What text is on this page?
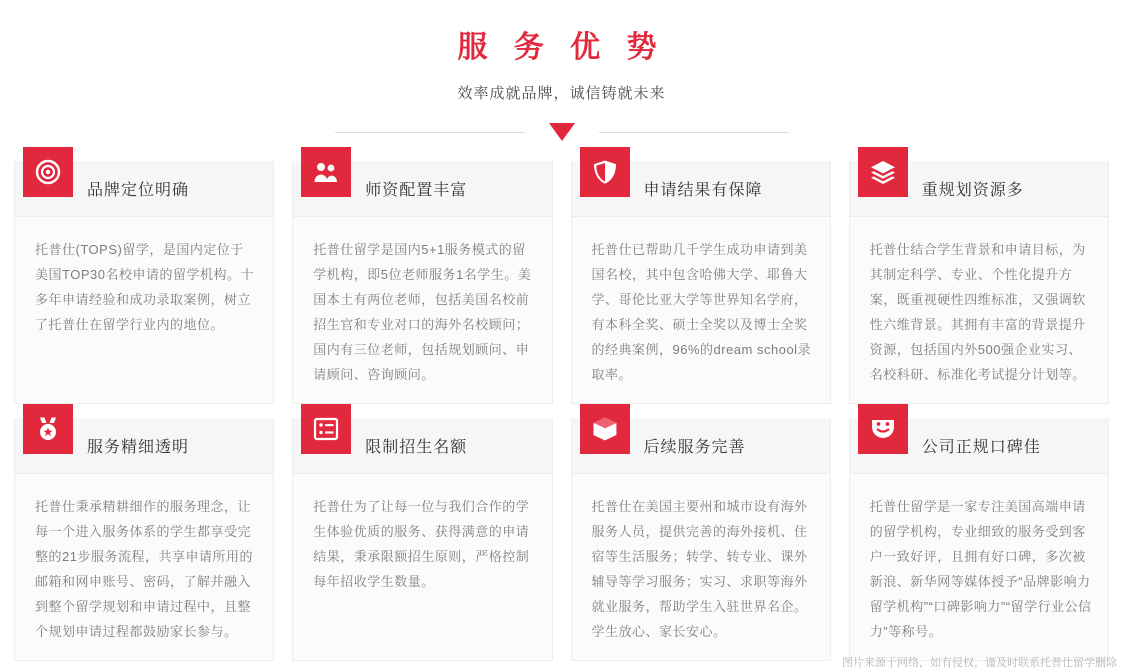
服 务 优 势
效率成就品牌，诚信铸就未来
品牌定位明确
托普仕(TOPS)留学，是国内定位于美国TOP30名校申请的留学机构。十多年申请经验和成功录取案例，树立了托普仕在留学行业内的地位。
师资配置丰富
托普仕留学是国内5+1服务模式的留学机构，即5位老师服务1名学生。美国本土有两位老师，包括美国名校前招生官和专业对口的海外名校顾问；国内有三位老师，包括规划顾问、申请顾问、咨询顾问。
申请结果有保障
托普仕已帮助几千学生成功申请到美国名校，其中包含哈佛大学、耶鲁大学、哥伦比亚大学等世界知名学府，有本科全奖、硕士全奖以及博士全奖的经典案例，96%的dream school录取率。
重规划资源多
托普仕结合学生背景和申请目标，为其制定科学、专业、个性化提升方案，既重视硬性四维标准，又强调软性六维背景。其拥有丰富的背景提升资源，包括国内外500强企业实习、名校科研、标准化考试提分计划等。
服务精细透明
托普仕秉承精耕细作的服务理念，让每一个进入服务体系的学生都享受完整的21步服务流程，共享申请所用的邮箱和网申账号、密码，了解并融入到整个留学规划和申请过程中，且整个规划申请过程都鼓励家长参与。
限制招生名额
托普仕为了让每一位与我们合作的学生体验优质的服务、获得满意的申请结果，秉承限额招生原则，严格控制每年招收学生数量。
后续服务完善
托普仕在美国主要州和城市设有海外服务人员，提供完善的海外接机、住宿等生活服务；转学、转专业、课外辅导等学习服务；实习、求职等海外就业服务，帮助学生入驻世界名企。学生放心、家长安心。
公司正规口碑佳
托普仕留学是一家专注美国高端申请的留学机构，专业细致的服务受到客户一致好评，且拥有好口碑，多次被新浪、新华网等媒体授予“品牌影响力留学机构”“口碑影响力”“留学行业公信力”等称号。
图片来源于网络，如有侵权，谨及时联系托普仕留学删除
